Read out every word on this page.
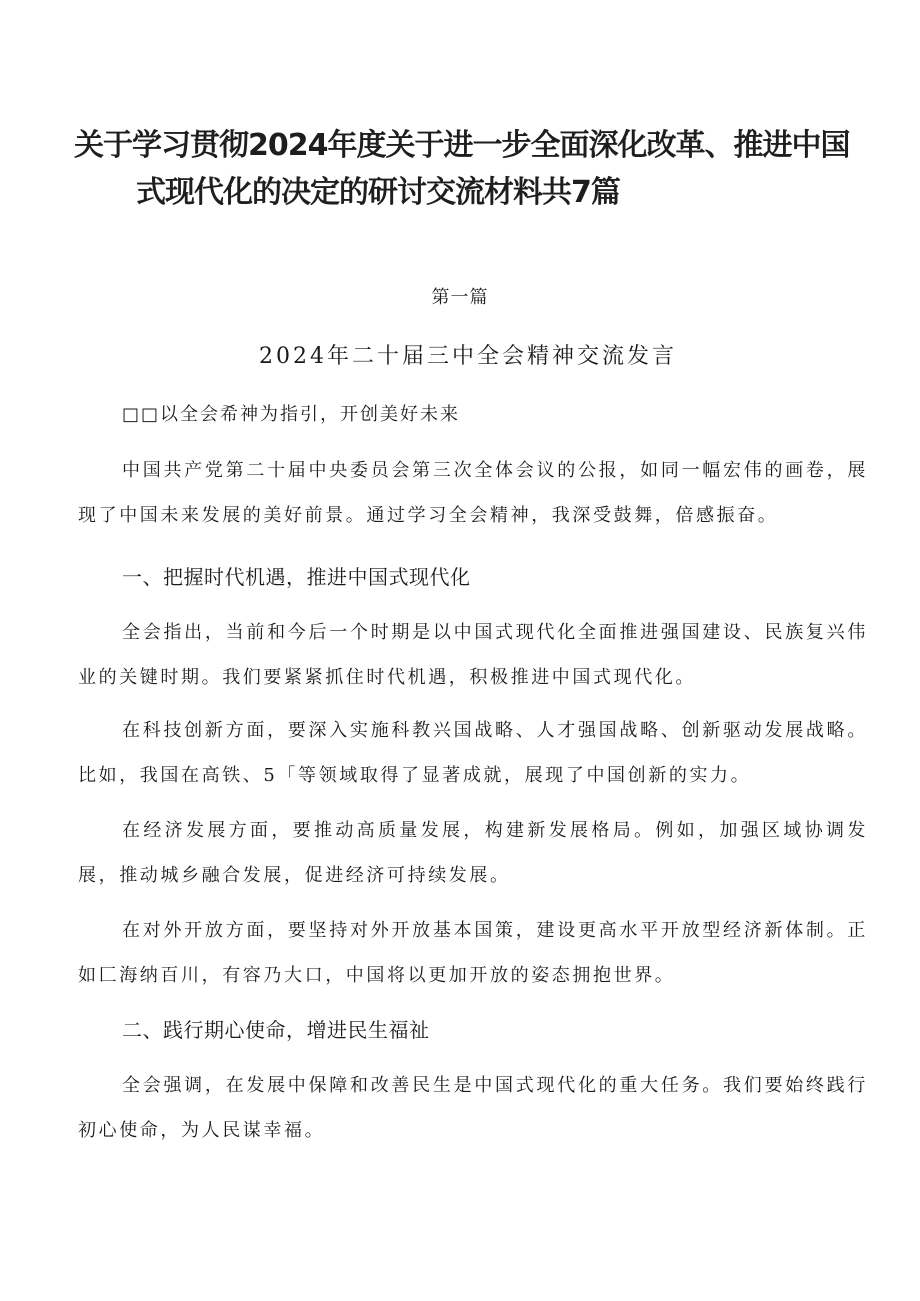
关于学习贯彻2024年度关于进一步全面深化改革、推进中国
式现代化的决定的研讨交流材料共7篇
第一篇
2024年二十届三中全会精神交流发言
□□以全会希神为指引，开创美好未来

中国共产党第二十届中央委员会第三次全体会议的公报，如同一幅宏伟的画卷，展现了中国未来发展的美好前景。通过学习全会精神，我深受鼓舞，倍感振奋。

一、把握时代机遇，推进中国式现代化

全会指出，当前和今后一个时期是以中国式现代化全面推进强国建设、民族复兴伟业的关键时期。我们要紧紧抓住时代机遇，积极推进中国式现代化。

在科技创新方面，要深入实施科教兴国战略、人才强国战略、创新驱动发展战略。比如，我国在高铁、5「等领域取得了显著成就，展现了中国创新的实力。

在经济发展方面，要推动高质量发展，构建新发展格局。例如，加强区域协调发展，推动城乡融合发展，促进经济可持续发展。

在对外开放方面，要坚持对外开放基本国策，建设更高水平开放型经济新体制。正如匚海纳百川，有容乃大口，中国将以更加开放的姿态拥抱世界。

二、践行期心使命，增进民生福祉

全会强调，在发展中保障和改善民生是中国式现代化的重大任务。我们要始终践行初心使命，为人民谋幸福。
